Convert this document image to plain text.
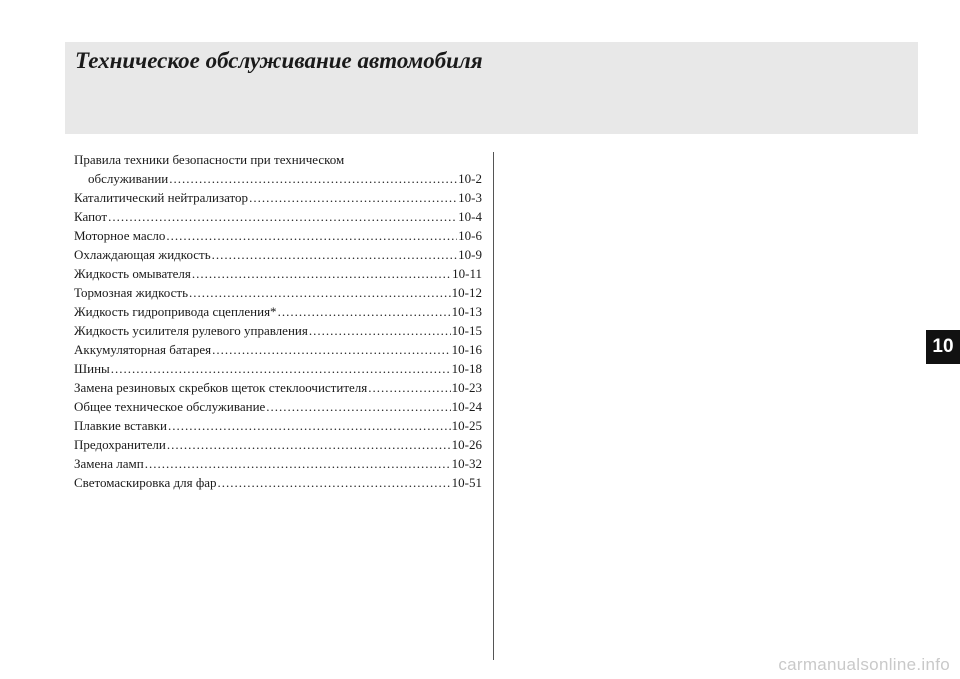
Техническое обслуживание автомобиля
Правила техники безопасности при техническом
обслуживании .....	10-2
Каталитический нейтрализатор .....	10-3
Капот .....	10-4
Моторное масло .....	10-6
Охлаждающая жидкость .....	10-9
Жидкость омывателя .....	10-11
Тормозная жидкость .....	10-12
Жидкость гидропривода сцепления* .....	10-13
Жидкость усилителя рулевого управления .....	10-15
Аккумуляторная батарея .....	10-16
Шины .....	10-18
Замена резиновых скребков щеток стеклоочистителя .....	10-23
Общее техническое обслуживание .....	10-24
Плавкие вставки .....	10-25
Предохранители .....	10-26
Замена ламп .....	10-32
Светомаскировка для фар .....	10-51
10
carmanualsonline.info
